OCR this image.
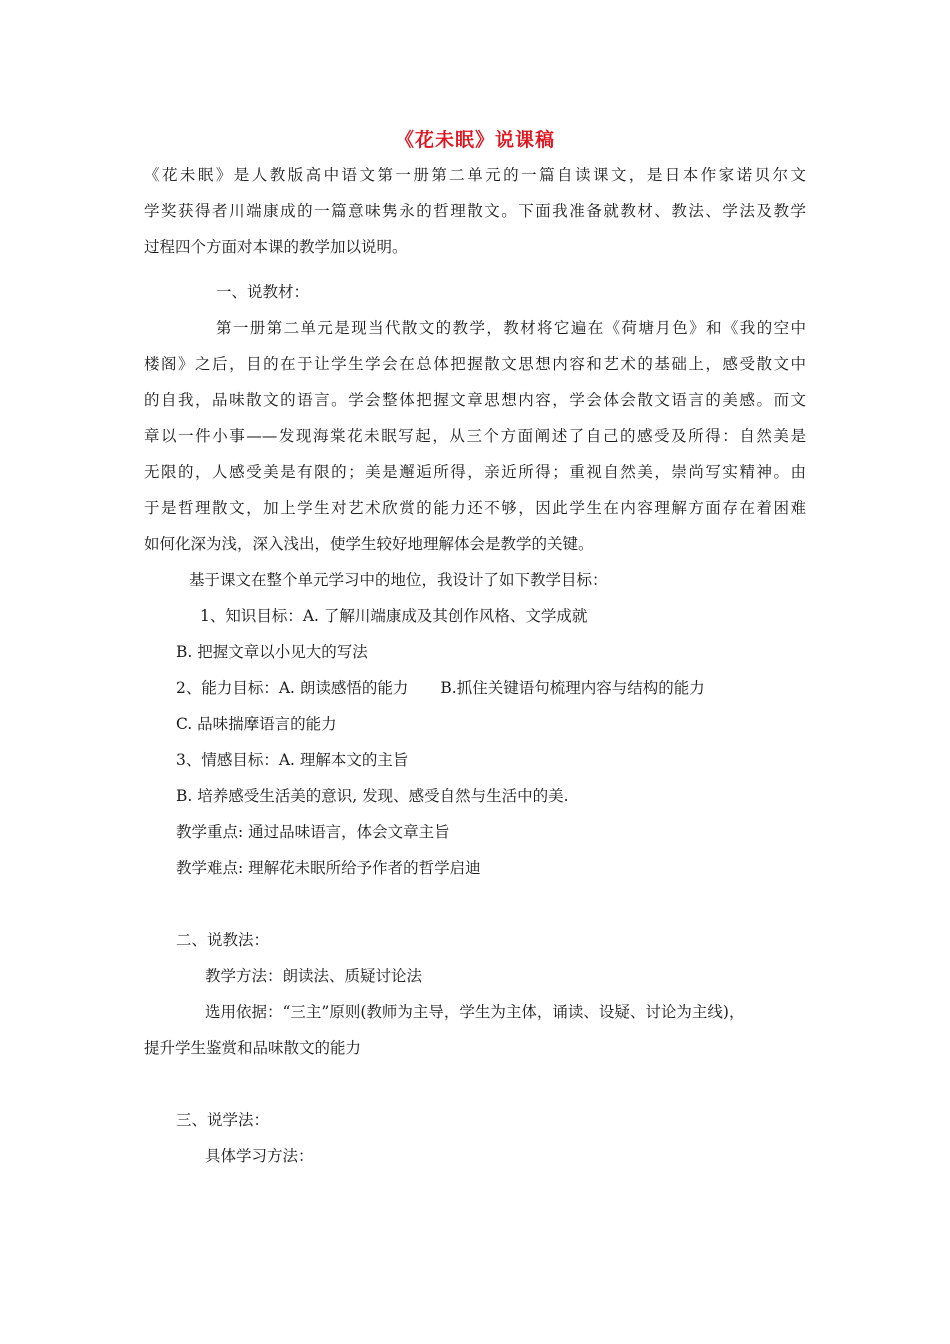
《花未眠》说课稿
《花未眠》是人教版高中语文第一册第二单元的一篇自读课文，是日本作家诺贝尔文
学奖获得者川端康成的一篇意味隽永的哲理散文。下面我准备就教材、教法、学法及教学
过程四个方面对本课的教学加以说明。
一、说教材：
第一册第二单元是现当代散文的教学，教材将它遍在《荷塘月色》和《我的空中
楼阁》之后，目的在于让学生学会在总体把握散文思想内容和艺术的基础上，感受散文中
的自我，品味散文的语言。学会整体把握文章思想内容，学会体会散文语言的美感。而文
章以一件小事——发现海棠花未眠写起，从三个方面阐述了自己的感受及所得：自然美是
无限的，人感受美是有限的；美是邂逅所得，亲近所得；重视自然美，崇尚写实精神。由
于是哲理散文，加上学生对艺术欣赏的能力还不够，因此学生在内容理解方面存在着困难
如何化深为浅，深入浅出，使学生较好地理解体会是教学的关键。
基于课文在整个单元学习中的地位，我设计了如下教学目标：
1、知识目标：A. 了解川端康成及其创作风格、文学成就
B. 把握文章以小见大的写法
2、能力目标：A. 朗读感悟的能力 B.抓住关键语句梳理内容与结构的能力
C. 品味揣摩语言的能力
3、情感目标：A. 理解本文的主旨
B. 培养感受生活美的意识, 发现、感受自然与生活中的美.
教学重点: 通过品味语言，体会文章主旨
教学难点: 理解花未眠所给予作者的哲学启迪
二、说教法：
教学方法：朗读法、质疑讨论法
选用依据：“三主”原则(教师为主导，学生为主体，诵读、设疑、讨论为主线)，
提升学生鉴赏和品味散文的能力
三、说学法：
具体学习方法：
